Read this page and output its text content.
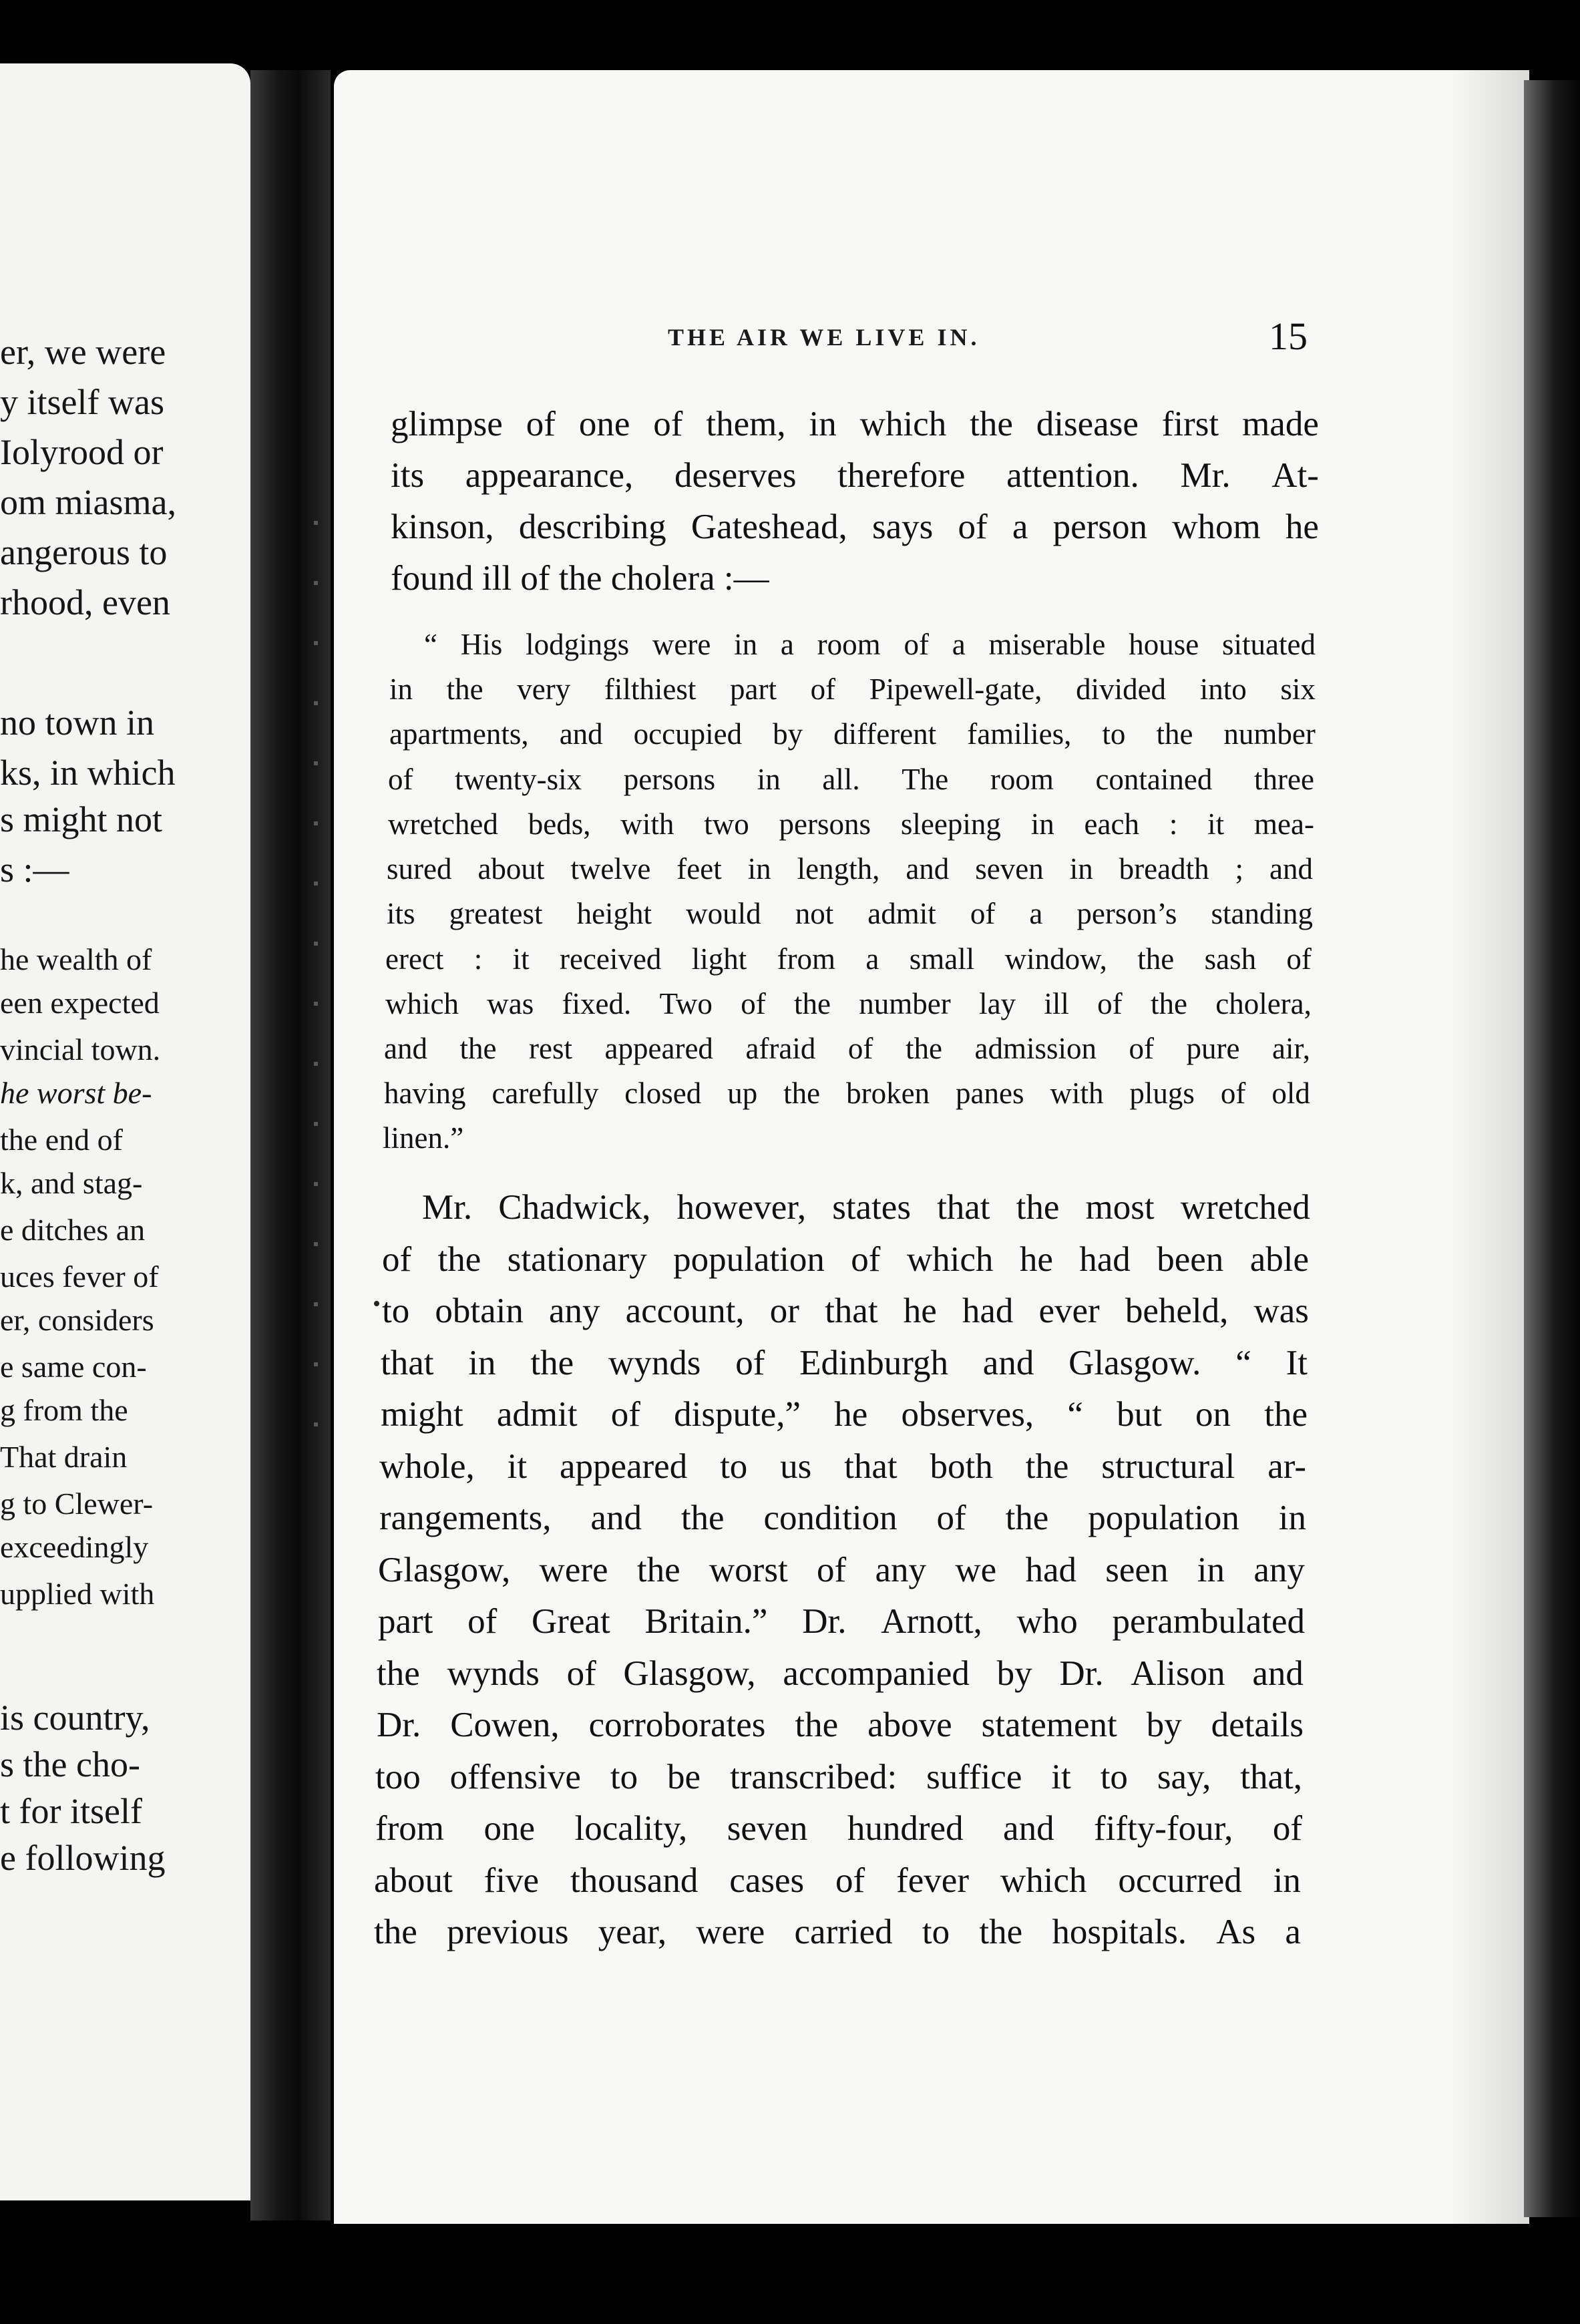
er, we were
y itself was
Iolyrood or
om miasma,
angerous to
rhood, even
no town in
ks, in which
s might not
s :—
he wealth of
een expected
vincial town.
he worst be-
the end of
k, and stag-
e ditches an
uces fever of
er, considers
e same con-
g from the
That drain
g to Clewer-
exceedingly
upplied with
is country,
s the cho-
t for itself
e following
THE AIR WE LIVE IN.	15
glimpse of one of them, in which the disease first made
its appearance, deserves therefore attention. Mr. At-
kinson, describing Gateshead, says of a person whom he
found ill of the cholera :—
“ His lodgings were in a room of a miserable house situated
in the very filthiest part of Pipewell-gate, divided into six
apartments, and occupied by different families, to the number
of twenty-six persons in all. The room contained three
wretched beds, with two persons sleeping in each : it mea-
sured about twelve feet in length, and seven in breadth ; and
its greatest height would not admit of a person’s standing
erect : it received light from a small window, the sash of
which was fixed. Two of the number lay ill of the cholera,
and the rest appeared afraid of the admission of pure air,
having carefully closed up the broken panes with plugs of old
linen.”
Mr. Chadwick, however, states that the most wretched
of the stationary population of which he had been able
to obtain any account, or that he had ever beheld, was
that in the wynds of Edinburgh and Glasgow. “ It
might admit of dispute,” he observes, “ but on the
whole, it appeared to us that both the structural ar-
rangements, and the condition of the population in
Glasgow, were the worst of any we had seen in any
part of Great Britain.” Dr. Arnott, who perambulated
the wynds of Glasgow, accompanied by Dr. Alison and
Dr. Cowen, corroborates the above statement by details
too offensive to be transcribed: suffice it to say, that,
from one locality, seven hundred and fifty-four, of
about five thousand cases of fever which occurred in
the previous year, were carried to the hospitals. As a
